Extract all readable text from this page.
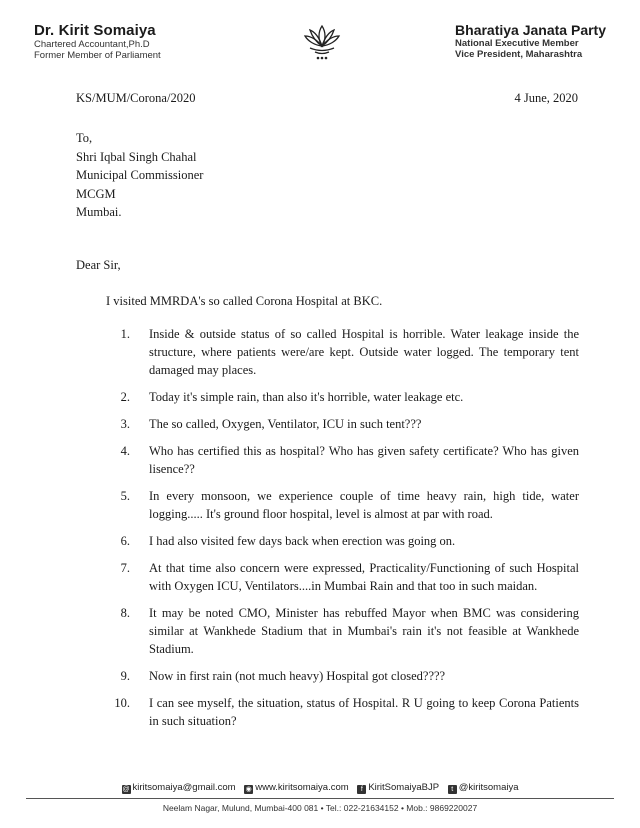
Dr. Kirit Somaiya
Chartered Accountant,Ph.D
Former Member of Parliament
Bharatiya Janata Party
National Executive Member
Vice President, Maharashtra
KS/MUM/Corona/2020	4 June, 2020
To,
Shri Iqbal Singh Chahal
Municipal Commissioner
MCGM
Mumbai.
Dear Sir,
I visited MMRDA's so called Corona Hospital at BKC.
1. Inside & outside status of so called Hospital is horrible. Water leakage inside the structure, where patients were/are kept. Outside water logged. The temporary tent damaged may places.
2. Today it's simple rain, than also it's horrible, water leakage etc.
3. The so called, Oxygen, Ventilator, ICU in such tent???
4. Who has certified this as hospital? Who has given safety certificate? Who has given lisence??
5. In every monsoon, we experience couple of time heavy rain, high tide, water logging..... It's ground floor hospital, level is almost at par with road.
6. I had also visited few days back when erection was going on.
7. At that time also concern were expressed, Practicality/Functioning of such Hospital with Oxygen ICU, Ventilators....in Mumbai Rain and that too in such maidan.
8. It may be noted CMO, Minister has rebuffed Mayor when BMC was considering similar at Wankhede Stadium that in Mumbai's rain it's not feasible at Wankhede Stadium.
9. Now in first rain (not much heavy) Hospital got closed????
10. I can see myself, the situation, status of Hospital. R U going to keep Corona Patients in such situation?
@ kiritsomaiya@gmail.com ◉ www.kiritsomaiya.com f KiritSomaiyaBJP t @kiritsomaiya
Neelam Nagar, Mulund, Mumbai-400 081 • Tel.: 022-21634152 • Mob.: 9869220027
